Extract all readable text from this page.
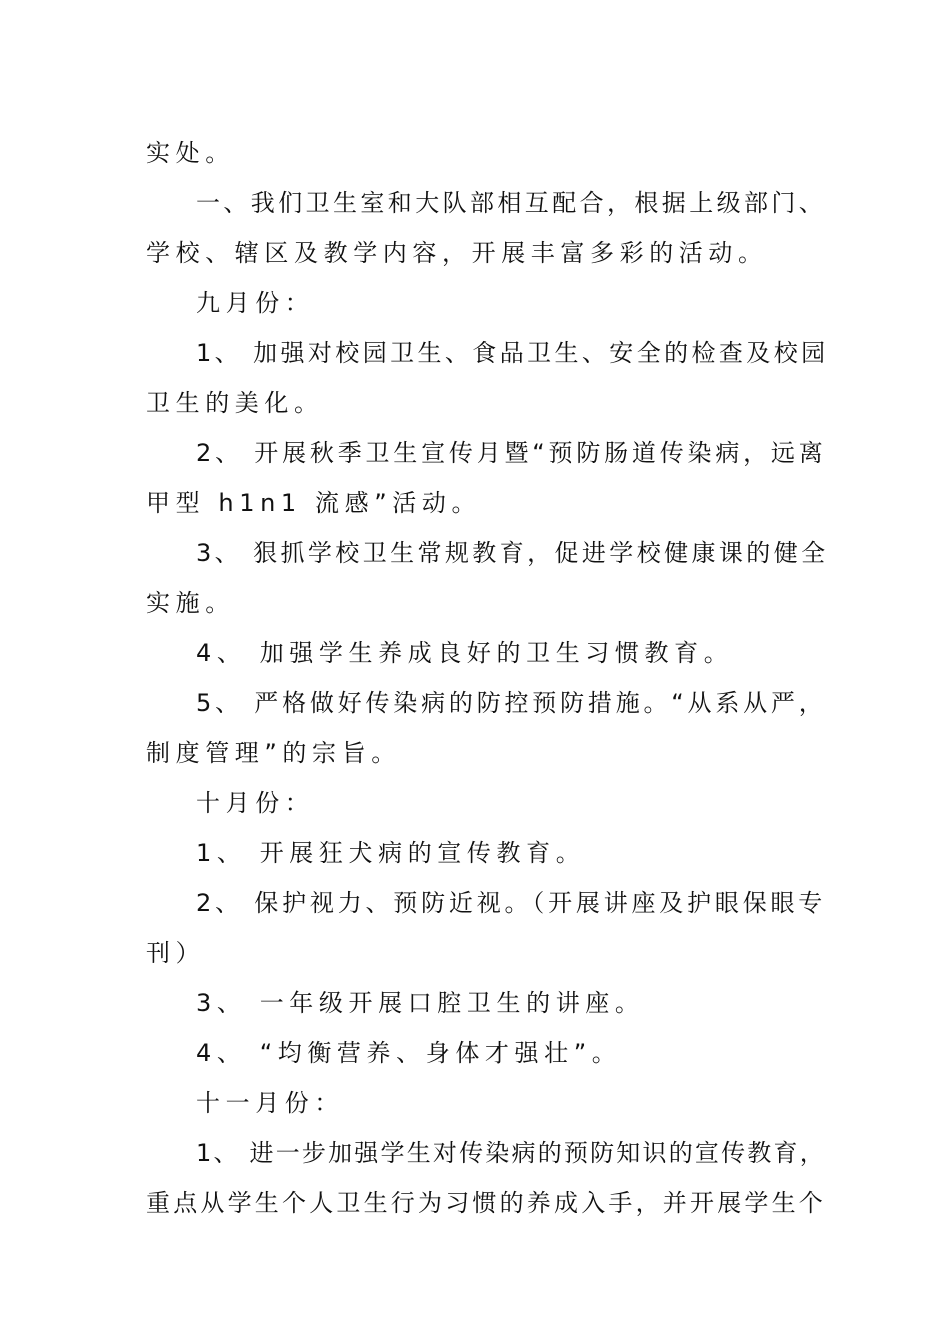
实处。
一、我们卫生室和大队部相互配合，根据上级部门、
学校、辖区及教学内容，开展丰富多彩的活动。
九月份：
1、 加强对校园卫生、食品卫生、安全的检查及校园
卫生的美化。
2、 开展秋季卫生宣传月暨“预防肠道传染病，远离
甲型 h1n1 流感”活动。
3、 狠抓学校卫生常规教育，促进学校健康课的健全
实施。
4、 加强学生养成良好的卫生习惯教育。
5、 严格做好传染病的防控预防措施。“从系从严，
制度管理”的宗旨。
十月份：
1、 开展狂犬病的宣传教育。
2、 保护视力、预防近视。（开展讲座及护眼保眼专
刊）
3、 一年级开展口腔卫生的讲座。
4、 “均衡营养、身体才强壮”。
十一月份：
1、 进一步加强学生对传染病的预防知识的宣传教育，
重点从学生个人卫生行为习惯的养成入手，并开展学生个
